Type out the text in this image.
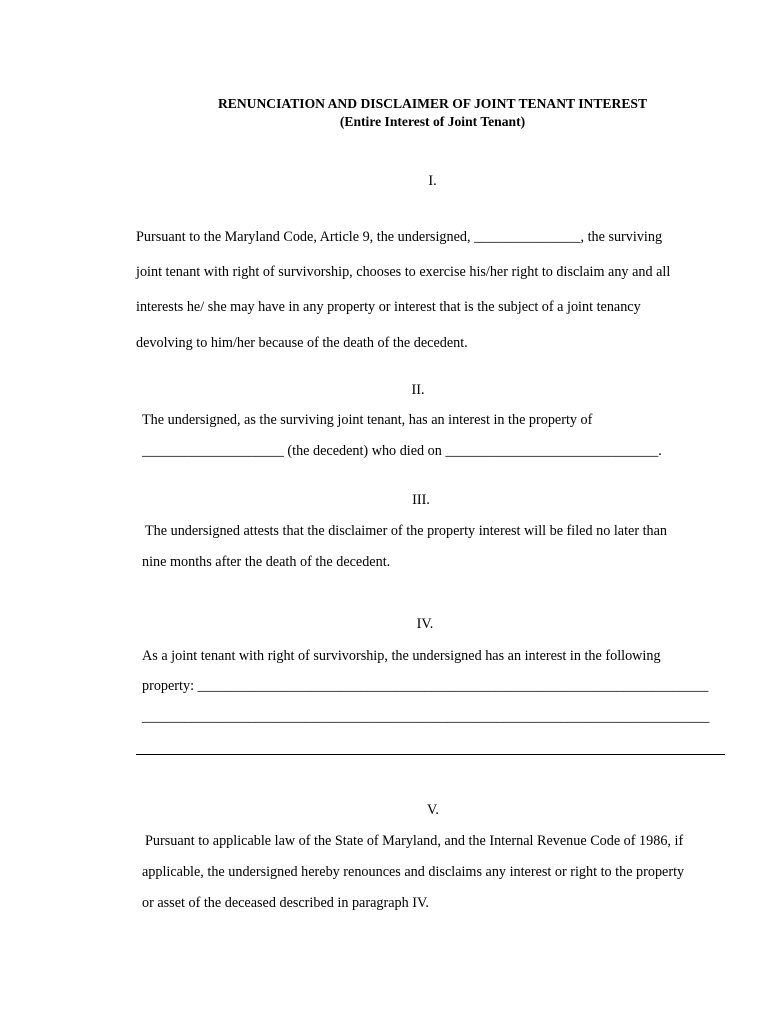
RENUNCIATION AND DISCLAIMER OF JOINT TENANT INTEREST
(Entire Interest of Joint Tenant)
I.
Pursuant to the Maryland Code, Article 9, the undersigned, _______________, the surviving
joint tenant with right of survivorship, chooses to exercise his/her right to disclaim any and all
interests he/ she may have in any property or interest that is the subject of a joint tenancy
devolving to him/her because of the death of the decedent.
II.
The undersigned, as the surviving joint tenant, has an interest in the property of
____________________ (the decedent) who died on ______________________________.
III.
The undersigned attests that the disclaimer of the property interest will be filed no later than
nine months after the death of the decedent.
IV.
As a joint tenant with right of survivorship, the undersigned has an interest in the following
property: ________________________________________________________________________
________________________________________________________________________________
V.
Pursuant to applicable law of the State of Maryland, and the Internal Revenue Code of 1986, if
applicable, the undersigned hereby renounces and disclaims any interest or right to the property
or asset of the deceased described in paragraph IV.
